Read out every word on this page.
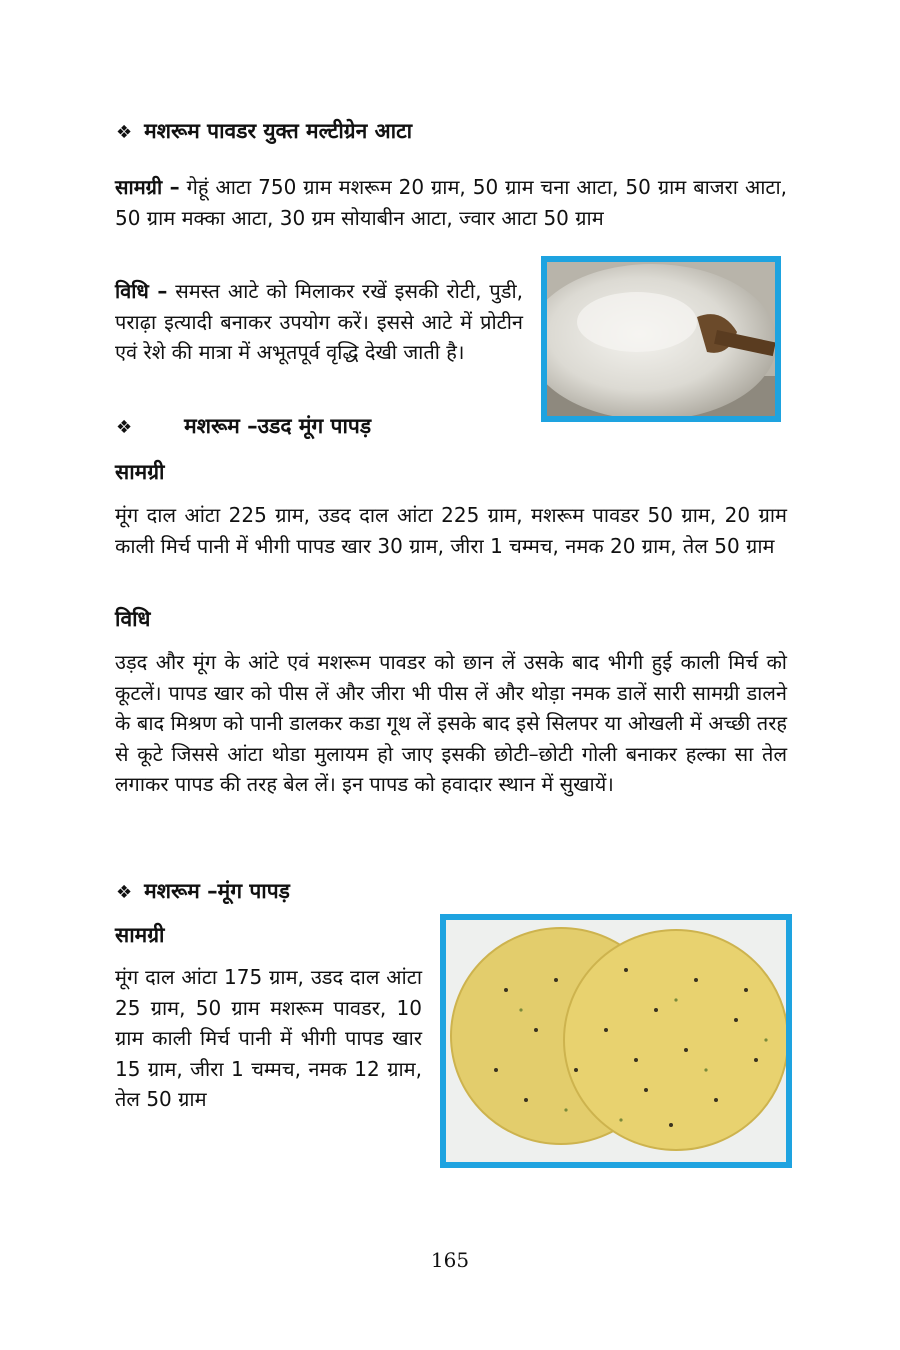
❖ मशरूम पावडर युक्त मल्टीग्रेन आटा
सामग्री – गेहूं आटा 750 ग्राम मशरूम 20 ग्राम, 50 ग्राम चना आटा, 50 ग्राम बाजरा आटा, 50 ग्राम मक्का आटा, 30 ग्रम सोयाबीन आटा, ज्वार आटा 50 ग्राम
विधि – समस्त आटे को मिलाकर रखें इसकी रोटी, पुडी, पराढ़ा इत्यादी बनाकर उपयोग करें। इससे आटे में प्रोटीन एवं रेशे की मात्रा में अभूतपूर्व वृद्धि देखी जाती है।
❖ मशरूम –उडद मूंग पापड़
सामग्री
मूंग दाल आंटा 225 ग्राम, उडद दाल आंटा 225 ग्राम, मशरूम पावडर 50 ग्राम, 20 ग्राम काली मिर्च पानी में भीगी पापड खार 30 ग्राम, जीरा 1 चम्मच, नमक 20 ग्राम, तेल 50 ग्राम
विधि
उड़द और मूंग के आंटे एवं मशरूम पावडर को छान लें उसके बाद भीगी हुई काली मिर्च को कूटलें। पापड खार को पीस लें और जीरा भी पीस लें और थोड़ा नमक डालें सारी सामग्री डालने के बाद मिश्रण को पानी डालकर कडा गूथ लें इसके बाद इसे सिलपर या ओखली में अच्छी तरह से कूटे जिससे आंटा थोडा मुलायम हो जाए इसकी छोटी–छोटी गोली बनाकर हल्का सा तेल लगाकर पापड की तरह बेल लें। इन पापड को हवादार स्थान में सुखायें।
❖ मशरूम –मूंग पापड़
सामग्री
मूंग दाल आंटा 175 ग्राम, उडद दाल आंटा 25 ग्राम, 50 ग्राम मशरूम पावडर, 10 ग्राम काली मिर्च पानी में भीगी पापड खार 15 ग्राम, जीरा 1 चम्मच, नमक 12 ग्राम, तेल 50 ग्राम
165
